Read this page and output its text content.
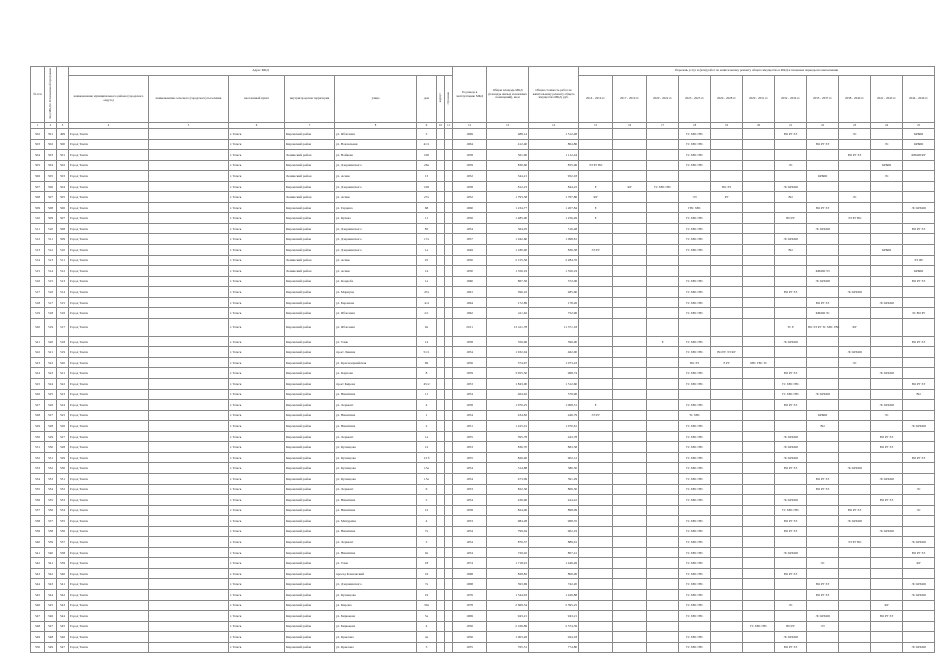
№ п/п	Код МКД в Региональной программе		Адрес МКД								Год ввода в эксплуатацию МКД	Общая площадь МКД (площадь жилых и нежилых помещений), кв.м	Общая стоимость работ по капитальному ремонту общего имущества МКД, руб.	Перечень услуг и (или) работ по капитальному ремонту общего имущества в МКД и плановые периоды их выполнения										
			наименование муниципального района (городского округа)	наименование сельского (городского) поселения	населенный пункт	внутригородская территория	улица	дом	корпус	строение				2014 - 2016 гг.	2017 - 2019 гг.	2020 - 2022 гг.	2023 - 2025 гг.	2026 - 2028 гг.	2029 - 2031 гг.	2032 - 2034 гг.	2035 - 2037 гг.	2038 - 2040 гг.	2041 - 2043 гг.	2044 - 2046 гг.
1	2	3	4	5	6	7	8	9	10	11	12	13	14	15	16	17	18	19	20	21	22	23	24	25
502	501	499	Город Томск		г. Томск	Кировский район	ул. Яблочная	5			1969	488,14	1 512,48				ТС ХВС ГВС			ВО РУ ЭЭ		ЭС		КРЫШ
503	502	500	Город Томск		г. Томск	Кировский район	ул. Вокзальная	41/1			1964	412,40	804,86				ТС ХВС ГВС				ВО РУ ЭЭ		ЭС	КРЫШ
504	503	501	Город Томск		г. Томск	Ленинский район	ул. Войкова	100			1958	561,90	1 112,44				ТС ХВС ГВС					ВО РУ ЭЭ		КРЫШ ФУ
505	504	502	Город Томск		г. Томск	Кировский район	ул. Дзержинского	26а			1959	836,60	855,96	ЭЭ РУ ВО			ТС ХВС ГВС			ЭС			КРЫШ	
506	505	503	Город Томск		г. Томск	Ленинский район	ул. Асино	13			1952	344,21	952,18								КРЫШ		ЭС	
507	506	504	Город Томск		г. Томск	Кировский район	ул. Дзержинского	106			1958	812,23	844,22	Е	ФУ	ТС ХВС ГВС		ВО ЭЭ		ЭС КРЫШ				
508	507	505	Город Томск		г. Томск	Ленинский район	ул. Асино	27а			1952	1 793,58	1 767,86	ФУ			ЭЭ	РУ		ВО		ЭС		
509	508	506	Город Томск		г. Томск	Кировский район	ул. Герцена	68			1960	1 234,77	1 207,84	Е			ГВС ХВС				ВО РУ ЭЭ			ЭС КРЫШ
510	509	507	Город Томск		г. Томск	Кировский район	ул. Кулева	11			1956	1 485,00	1 256,49	Е			ТС ХВС ГВС			ВО РУ		ЭЭ РУ ВО		
511	510	508	Город Томск		г. Томск	Кировский район	ул. Дзержинского	85			1954	564,05	516,48				ТС ХВС ГВС				ЭС КРЫШ			ВО РУ ЭЭ
512	511	509	Город Томск		г. Томск	Кировский район	ул. Дзержинского	17а			1957	1 042,60	1 098,81				ТС ХВС ГВС			ЭС КРЫШ				
513	512	510	Город Томск		г. Томск	Кировский район	ул. Дзержинского	1а			1949	1 180,00	836,38	ЭЭ РУ			ТС ХВС ГВС			ВО			КРЫШ	
514	513	511	Город Томск		г. Томск	Ленинский район	ул. Асино	25			1950	2 155,56	2 284,76											ЭЭ ФУ
515	514	512	Город Томск		г. Томск	Ленинский район	ул. Асино	14			1950	1 356,19	1 356,19								КРЫШ ЭЭ			КРЫШ
516	515	513	Город Томск		г. Томск	Кировский район	ул. Кондоба	1а			1960	867,56	572,06				ТС ХВС ГВС				ЭС КРЫШ			ВО РУ ЭЭ
517	516	514	Город Томск		г. Томск	Кировский район	ул. Мариуца	47а			1961	396,16	485,60				ТС ХВС ГВС			ВО РУ ЭЭ		ЭС КРЫШ		
518	517	515	Город Томск		г. Томск	Кировский район	ул. Баранова	4/4			1964	172,89	178,26				ТС ХВС ГВС				ВО РУ ЭЭ		ЭС КРЫШ	
519	518	516	Город Томск		г. Томск	Кировский район	ул. Яблочная	2/1			1962	411,62	752,96				ТС ХВС ГВС				КРЫШ ЭС			ЭС ВО РУ
520	519	517	Город Томск		г. Томск	Кировский район	ул. Яблочная	9а			2011	13 411,78	11 371,18							ТС Е	ВО ЭЭ РУ ТС ХВС ГВС	ФУ		
521	520	518	Город Томск		г. Томск	Кировский район	ул. Томь	14			1958	356,96	396,00			Е	ТС ХВС ГВС			ЭС КРЫШ				ВО РУ ЭЭ
522	521	519	Город Томск		г. Томск	Кировский район	пр-кт Ленина	51/1			1954	1 932,04	462,00				ТС ХВС ГВС	ВО РУ ЭЭ ФУ				ЭС КРЫШ		
523	522	520	Город Томск		г. Томск	Кировский район	ул. Красноармейская	69			1956	374,97	1 073,43				ВО ЭЭ	Е РУ	ХВС ГВС ТС			ЭС		
524	523	521	Город Томск		г. Томск	Кировский район	ул. Карпова	8			1959	3 955,50	968,74				ТС ХВС ГВС			ВО РУ ЭЭ			ЭС КРЫШ	
525	524	522	Город Томск		г. Томск	Кировский район	пр-кт Кирова	45/2			1953	1 843,00	1 312,60				ТС ХВС ГВС			ТС ХВС ГВС				ВО РУ ЭЭ
526	525	523	Город Томск		г. Томск	Кировский район	ул. Никитина	11			1954	464,92	576,96							ТС ХВС ГВС	ЭС КРЫШ			ВО
527	526	524	Город Томск		г. Томск	Кировский район	ул. Лермонт	4			1958	1 970,25	1 008,31	Е			ТС ХВС ГВС			ВО РУ ЭЭ			ЭС КРЫШ	
528	527	525	Город Томск		г. Томск	Кировский район	ул. Никитина	1			1954	434,82	446,79	ЭЭ РУ			ТС ХВС				КРЫШ		ЭС	
529	528	526	Город Томск		г. Томск	Кировский район	ул. Никитина	2			1951	1 225,01	1 070,61				ТС ХВС ГВС				ВО			ЭС КРЫШ
530	529	527	Город Томск		г. Томск	Кировский район	ул. Лермонт	1а			1955	395,78	443,78				ТС ХВС ГВС			ЭС КРЫШ			ВО РУ ЭЭ	
531	530	528	Город Томск		г. Томск	Кировский район	ул. Кузнецова	12			1953	836,70	863,58				ТС ХВС ГВС			ЭС КРЫШ			ВО РУ ЭЭ	
532	531	529	Город Томск		г. Томск	Кировский район	ул. Кузнецова	13 б			1955	826,40	902,12				ТС ХВС ГВС			ЭС КРЫШ				ВО РУ ЭЭ
533	532	530	Город Томск		г. Томск	Кировский район	ул. Кузнецова	13а			1954	314,88	380,50				ТС ХВС ГВС			ВО РУ ЭЭ		ЭС КРЫШ		
534	533	531	Город Томск		г. Томск	Кировский район	ул. Кузнецова	15а			1954	473,09	391,29				ТС ХВС ГВС				ВО РУ ЭЭ		ЭС КРЫШ	
535	534	532	Город Томск		г. Томск	Кировский район	ул. Лермонт	9			1953	822,36	806,30				ТС ХВС ГВС				ВО РУ ЭЭ			ЭС
536	535	533	Город Томск		г. Томск	Кировский район	ул. Никитина	5			1954	436,96	424,22				ТС ХВС ГВС			ЭС КРЫШ			ВО РУ ЭЭ	
537	536	534	Город Томск		г. Томск	Кировский район	ул. Никитина	12			1958	824,06	898,09							ТС ХВС ГВС		ВО РУ ЭЭ		ЭС
538	537	535	Город Томск		г. Томск	Кировский район	ул. Мичурина	4			1953	984,28	968,55				ТС ХВС ГВС			ВО РУ ЭЭ		ЭС КРЫШ		
539	538	536	Город Томск		г. Томск	Кировский район	ул. Никитина	7а			1954	799,04	902,19				ТС ХВС ГВС			ВО РУ ЭЭ			ЭС КРЫШ	
540	539	537	Город Томск		г. Томск	Кировский район	ул. Лермонт	5			1954	876,57	889,91				ТС ХВС ГВС					ЭЭ РУ ВО		ЭС КРЫШ
541	540	538	Город Томск		г. Томск	Кировский район	ул. Никитина	9а			1954	729,02	807,41				ТС ХВС ГВС			ЭС КРЫШ				ВО РУ ЭЭ
542	541	539	Город Томск		г. Томск	Кировский район	ул. Тома	18			1974	1 718,91	1 446,49				ТС ХВС ГВС				ЭС			ФУ
543	542	540	Город Томск		г. Томск	Кировский район	проезд Кленовский	16			1968	828,82	806,06				ТС ХВС ГВС			ВО РУ ЭЭ				
544	543	541	Город Томск		г. Томск	Кировский район	ул. Дзержинского	7а			1968	593,69	742,20				ТС ХВС ГВС				ВО РУ ЭЭ			ЭС КРЫШ
545	544	542	Город Томск		г. Томск	Кировский район	ул. Кузнецова	19			1976	1 544,93	1 426,88				ТС ХВС ГВС				ВО РУ ЭЭ			ЭС КРЫШ
546	545	543	Город Томск		г. Томск	Кировский район	ул. Кирова	30а			1978	2 669,34	2 395,25				ТС ХВС ГВС			ЭС			ФУ	
547	546	544	Город Томск		г. Томск	Кировский район	ул. Бирюкова	5а			1969	943,21	943,21				ТС ХВС ГВС				ЭС КРЫШ		ВО РУ ЭЭ	
548	547	545	Город Томск		г. Томск	Кировский район	ул. Бирюкова	4			1956	2 166,89	2 374,39						ТС ХВС ГВС	ВО РУ	ЭЭ			
549	548	546	Город Томск		г. Томск	Кировский район	ул. Крылова	4а			1956	1 003,26	924,18				ТС ХВС ГВС			ЭС КРЫШ				
550	549	547	Город Томск		г. Томск	Кировский район	ул. Крылова	3			1955	765,31	774,80				ТС ХВС ГВС			ВО РУ ЭЭ				ЭС КРЫШ
